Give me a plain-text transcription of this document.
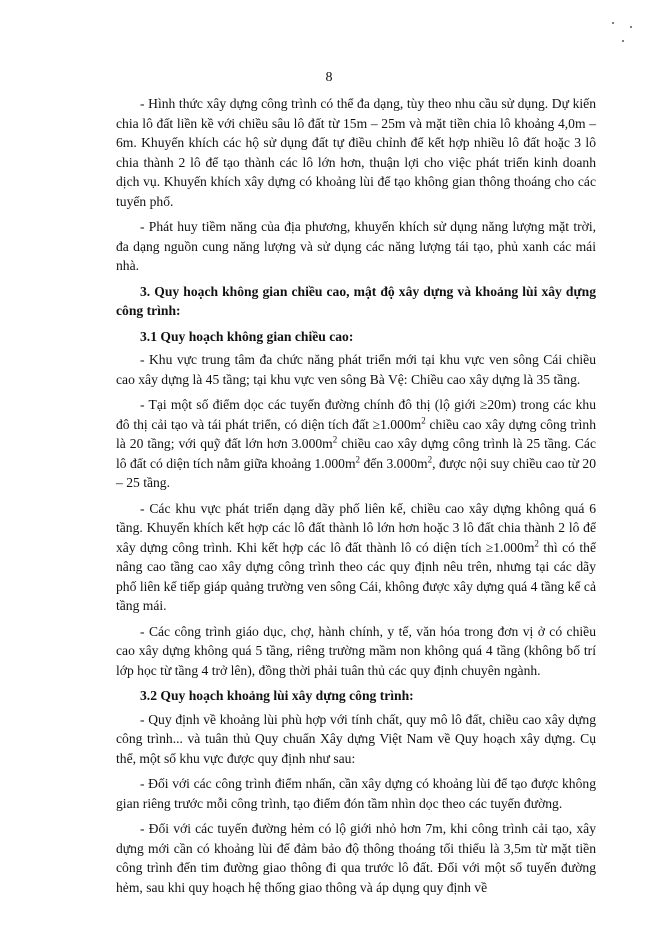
8

- Hình thức xây dựng công trình có thể đa dạng, tùy theo nhu cầu sử dụng. Dự kiến chia lô đất liền kề với chiều sâu lô đất từ 15m – 25m và mặt tiền chia lô khoảng 4,0m – 6m. Khuyến khích các hộ sử dụng đất tự điều chỉnh để kết hợp nhiều lô đất hoặc 3 lô chia thành 2 lô để tạo thành các lô lớn hơn, thuận lợi cho việc phát triển kinh doanh dịch vụ. Khuyến khích xây dựng có khoảng lùi để tạo không gian thông thoáng cho các tuyến phố.

- Phát huy tiềm năng của địa phương, khuyến khích sử dụng năng lượng mặt trời, đa dạng nguồn cung năng lượng và sử dụng các năng lượng tái tạo, phủ xanh các mái nhà.

3. Quy hoạch không gian chiều cao, mật độ xây dựng và khoảng lùi xây dựng công trình:
3.1 Quy hoạch không gian chiều cao:

- Khu vực trung tâm đa chức năng phát triển mới tại khu vực ven sông Cái chiều cao xây dựng là 45 tầng; tại khu vực ven sông Bà Vệ: Chiều cao xây dựng là 35 tầng.

- Tại một số điểm dọc các tuyến đường chính đô thị (lộ giới ≥20m) trong các khu đô thị cải tạo và tái phát triển, có diện tích đất $\ge 1.000m^2$ chiều cao xây dựng công trình là 20 tầng; với quỹ đất lớn hơn $3.000m^2$ chiều cao xây dựng công trình là 25 tầng. Các lô đất có diện tích nằm giữa khoảng $1.000m^2$ đến $3.000m^2$, được nội suy chiều cao từ 20 – 25 tầng.

- Các khu vực phát triển dạng dãy phố liên kế, chiều cao xây dựng không quá 6 tầng. Khuyến khích kết hợp các lô đất thành lô lớn hơn hoặc 3 lô đất chia thành 2 lô để xây dựng công trình. Khi kết hợp các lô đất thành lô có diện tích $\ge 1.000m^2$ thì có thể nâng cao tầng cao xây dựng công trình theo các quy định nêu trên, nhưng tại các dãy phố liên kế tiếp giáp quảng trường ven sông Cái, không được xây dựng quá 4 tầng kể cả tầng mái.

- Các công trình giáo dục, chợ, hành chính, y tế, văn hóa trong đơn vị ở có chiều cao xây dựng không quá 5 tầng, riêng trường mầm non không quá 4 tầng (không bố trí lớp học từ tầng 4 trở lên), đồng thời phải tuân thủ các quy định chuyên ngành.

3.2 Quy hoạch khoảng lùi xây dựng công trình:

- Quy định về khoảng lùi phù hợp với tính chất, quy mô lô đất, chiều cao xây dựng công trình... và tuân thủ Quy chuẩn Xây dựng Việt Nam về Quy hoạch xây dựng. Cụ thể, một số khu vực được quy định như sau:

- Đối với các công trình điểm nhấn, cần xây dựng có khoảng lùi để tạo được không gian riêng trước mỗi công trình, tạo điểm đón tầm nhìn dọc theo các tuyến đường.

- Đối với các tuyến đường hẻm có lộ giới nhỏ hơn 7m, khi công trình cải tạo, xây dựng mới cần có khoảng lùi để đảm bảo độ thông thoáng tối thiểu là 3,5m từ mặt tiền công trình đến tim đường giao thông đi qua trước lô đất. Đối với một số tuyến đường hẻm, sau khi quy hoạch hệ thống giao thông và áp dụng quy định về
